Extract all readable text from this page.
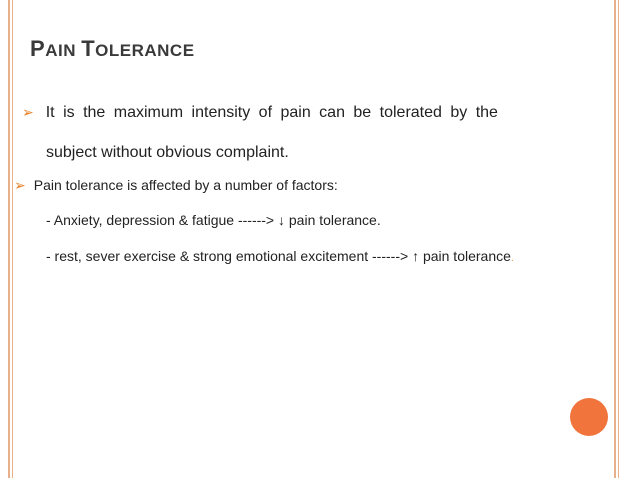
PAIN TOLERANCE
➢ It is the maximum intensity of pain can be tolerated by the
subject without obvious complaint.
➢ Pain tolerance is affected by a number of factors:
- Anxiety, depression & fatigue ------> ↓ pain tolerance.
- rest, sever exercise & strong emotional excitement ------> ↑ pain tolerance.
